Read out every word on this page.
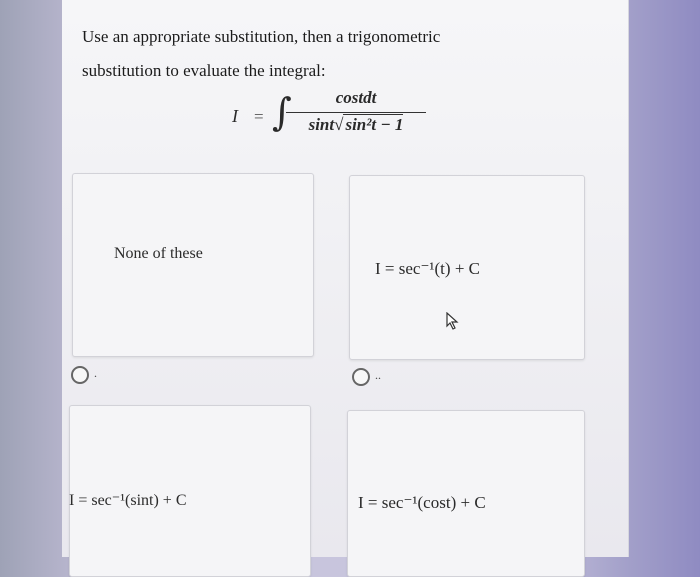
Use an appropriate substitution, then a trigonometric
substitution to evaluate the integral:
I = ∫	costdt
sint√ sin²t − 1
None of these
I = sec⁻¹(t) + C
.	..
I = sec⁻¹(sint) + C	I = sec⁻¹(cost) + C
